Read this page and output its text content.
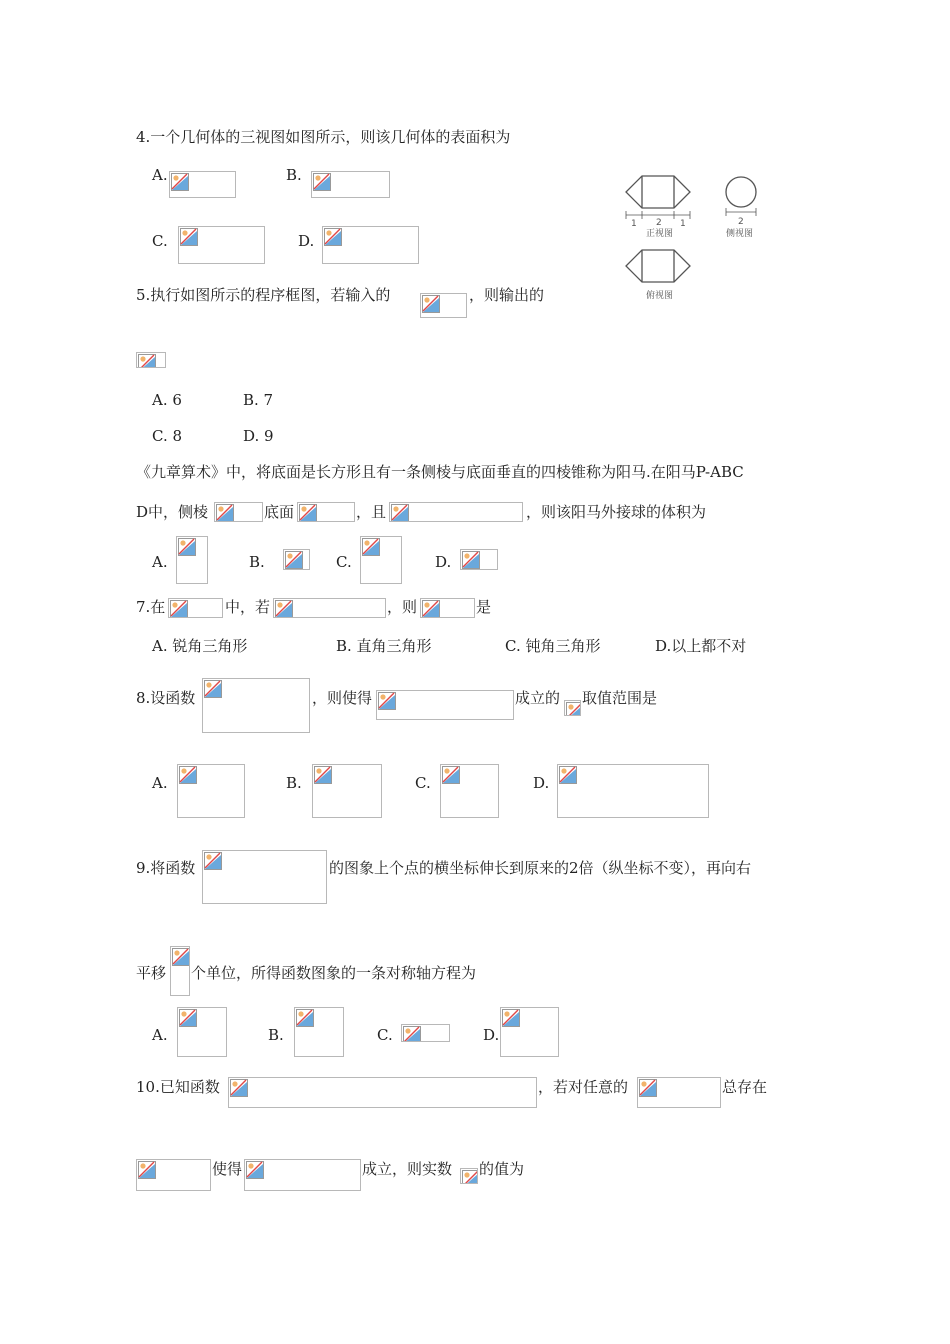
4.一个几何体的三视图如图所示，则该几何体的表面积为
A.	B.
C.	D.
2
1	1	2
正视图	侧视图
俯视图
5.执行如图所示的程序框图，若输入的	，则输出的
A. 6	B. 7
C. 8	D. 9
《九章算术》中，将底面是长方形且有一条侧棱与底面垂直的四棱锥称为阳马.在阳马P-ABC
D中，侧棱	底面	，且	，则该阳马外接球的体积为
A.	B.	C.	D.
7.在	中，若	，则	是
A. 锐角三角形	B. 直角三角形	C. 钝角三角形	D.以上都不对
8.设函数	，则使得	成立的 取值范围是
A.	B.	C.	D.
9.将函数	的图象上个点的横坐标伸长到原来的2倍（纵坐标不变），再向右
平移 个单位，所得函数图象的一条对称轴方程为
A.	B.	C.	D.
10.已知函数	，若对任意的	总存在
使得	成立，则实数 的值为
